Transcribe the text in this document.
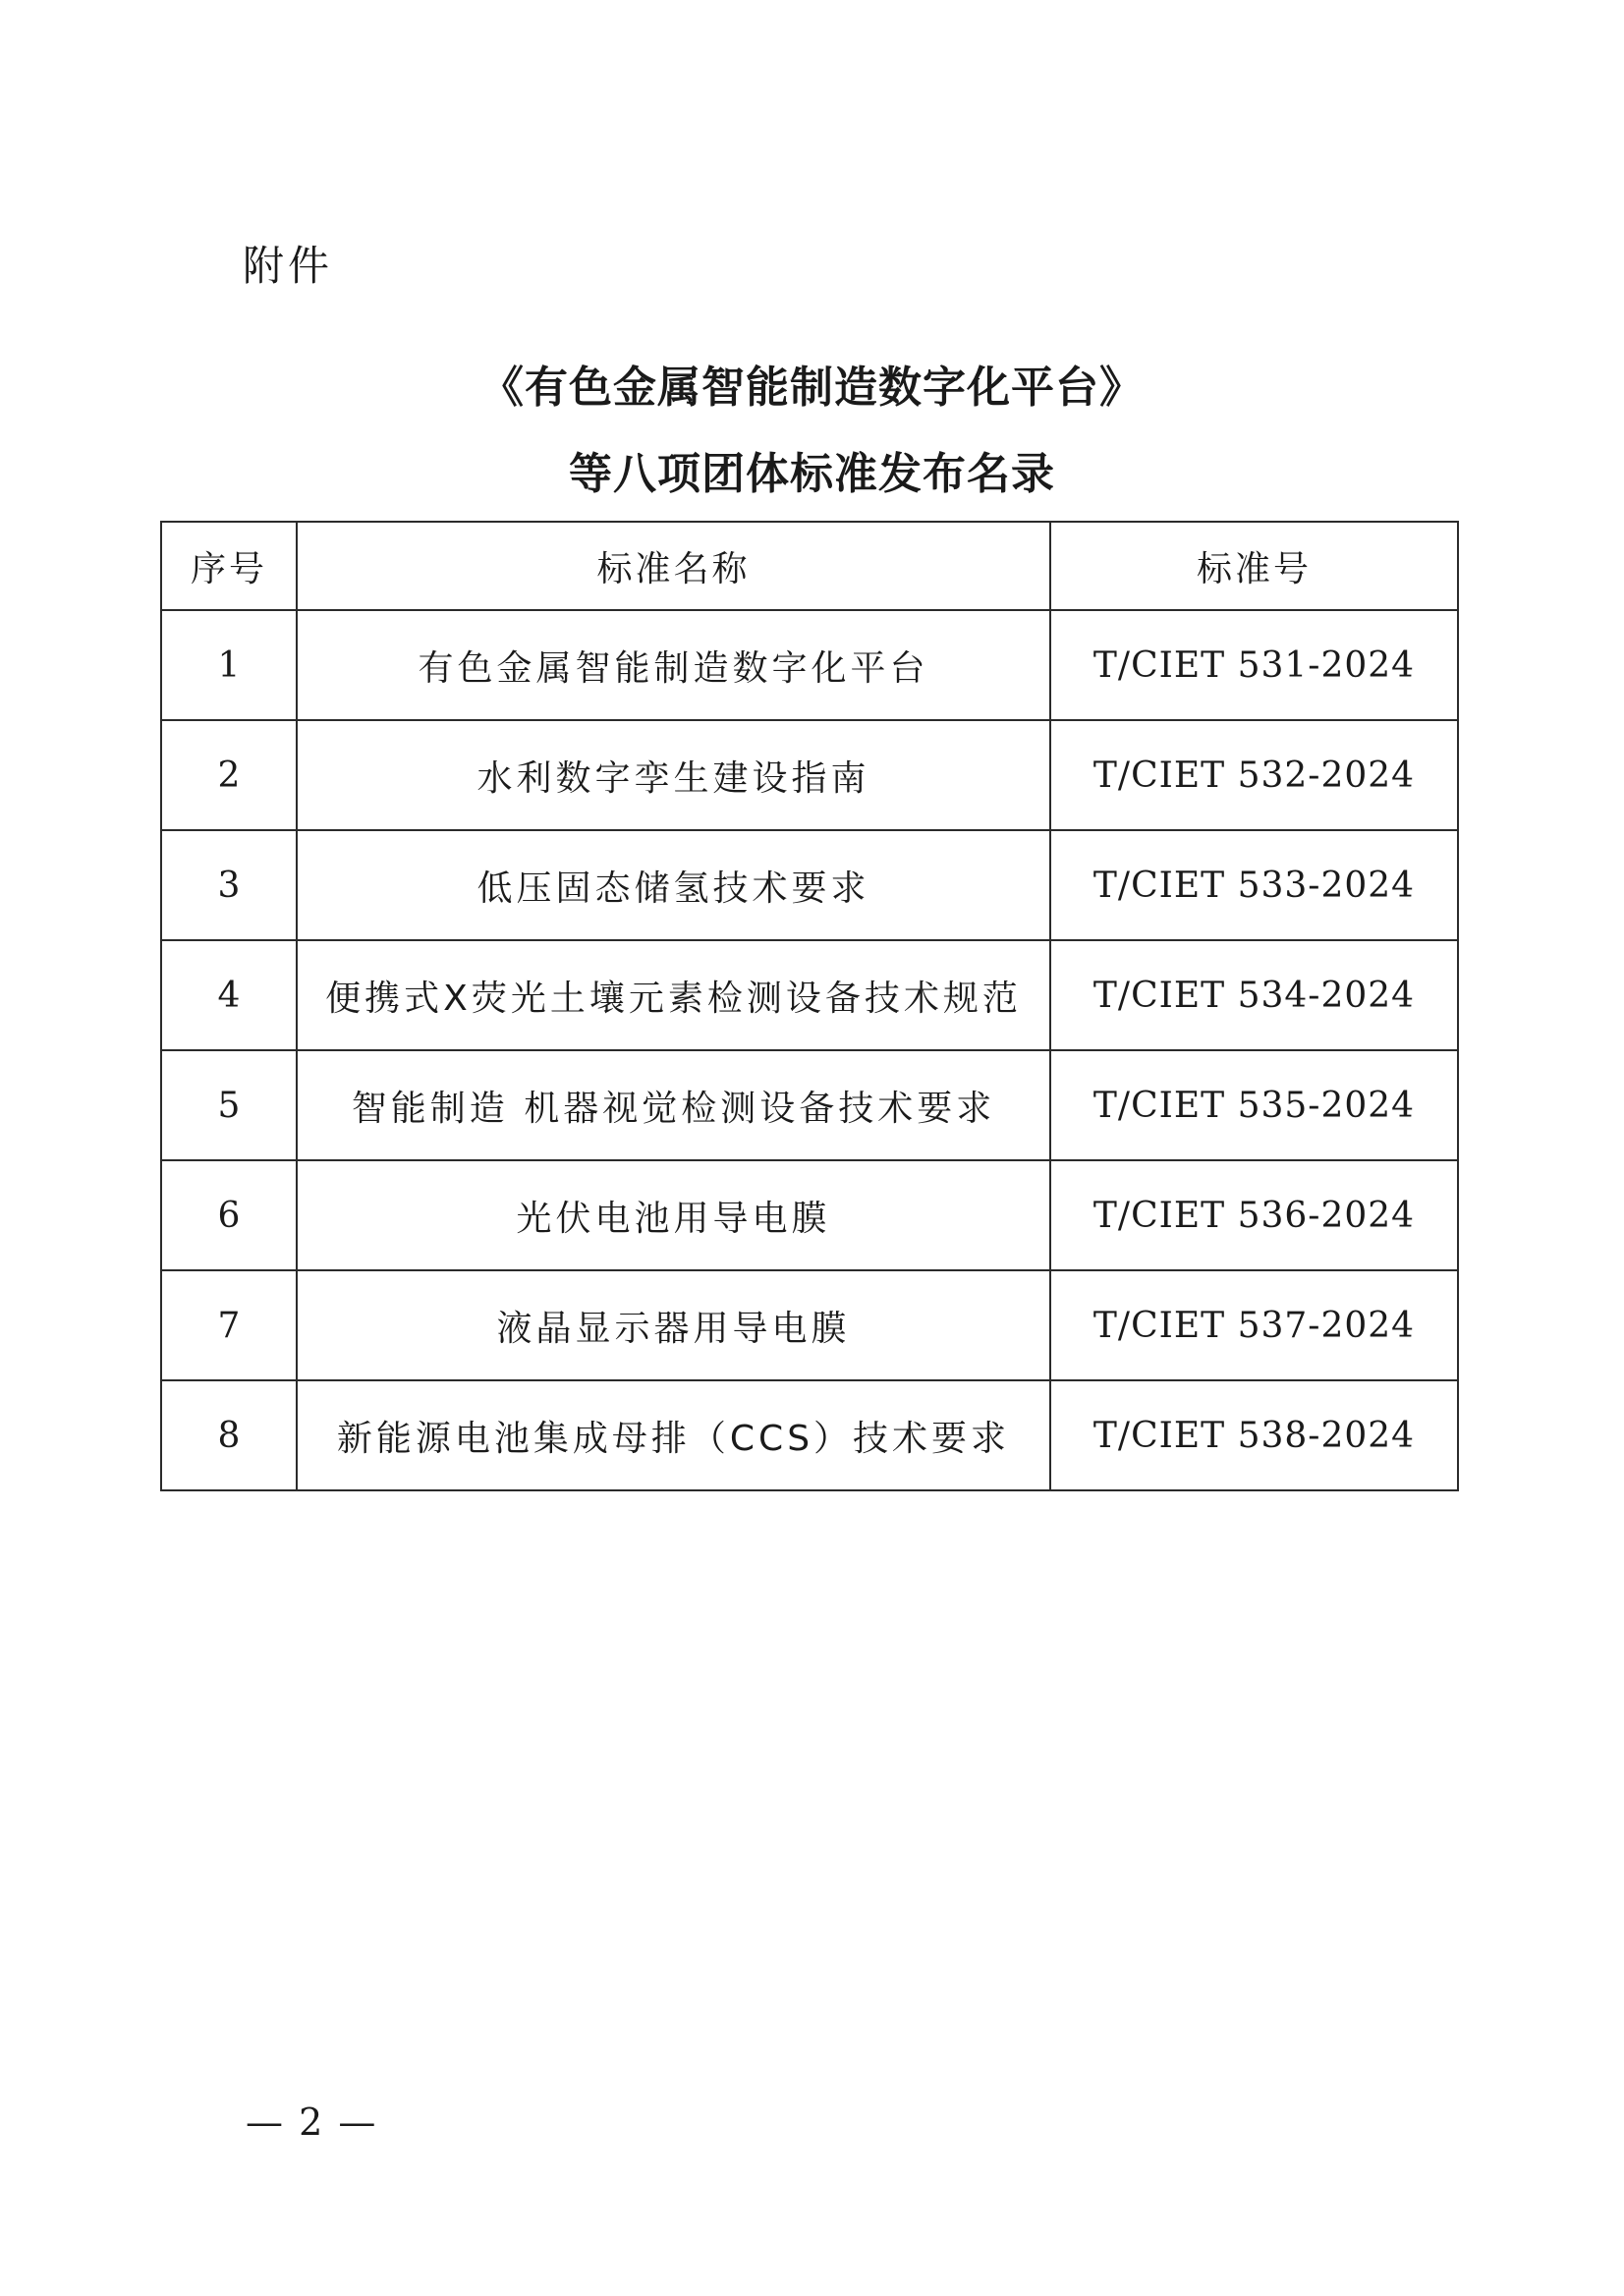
附件
《有色金属智能制造数字化平台》
等八项团体标准发布名录
序号	标准名称	标准号
1	有色金属智能制造数字化平台	T/CIET 531-2024
2	水利数字孪生建设指南	T/CIET 532-2024
3	低压固态储氢技术要求	T/CIET 533-2024
4	便携式X荧光土壤元素检测设备技术规范	T/CIET 534-2024
5	智能制造 机器视觉检测设备技术要求	T/CIET 535-2024
6	光伏电池用导电膜	T/CIET 536-2024
7	液晶显示器用导电膜	T/CIET 537-2024
8	新能源电池集成母排（CCS）技术要求	T/CIET 538-2024
— 2 —
